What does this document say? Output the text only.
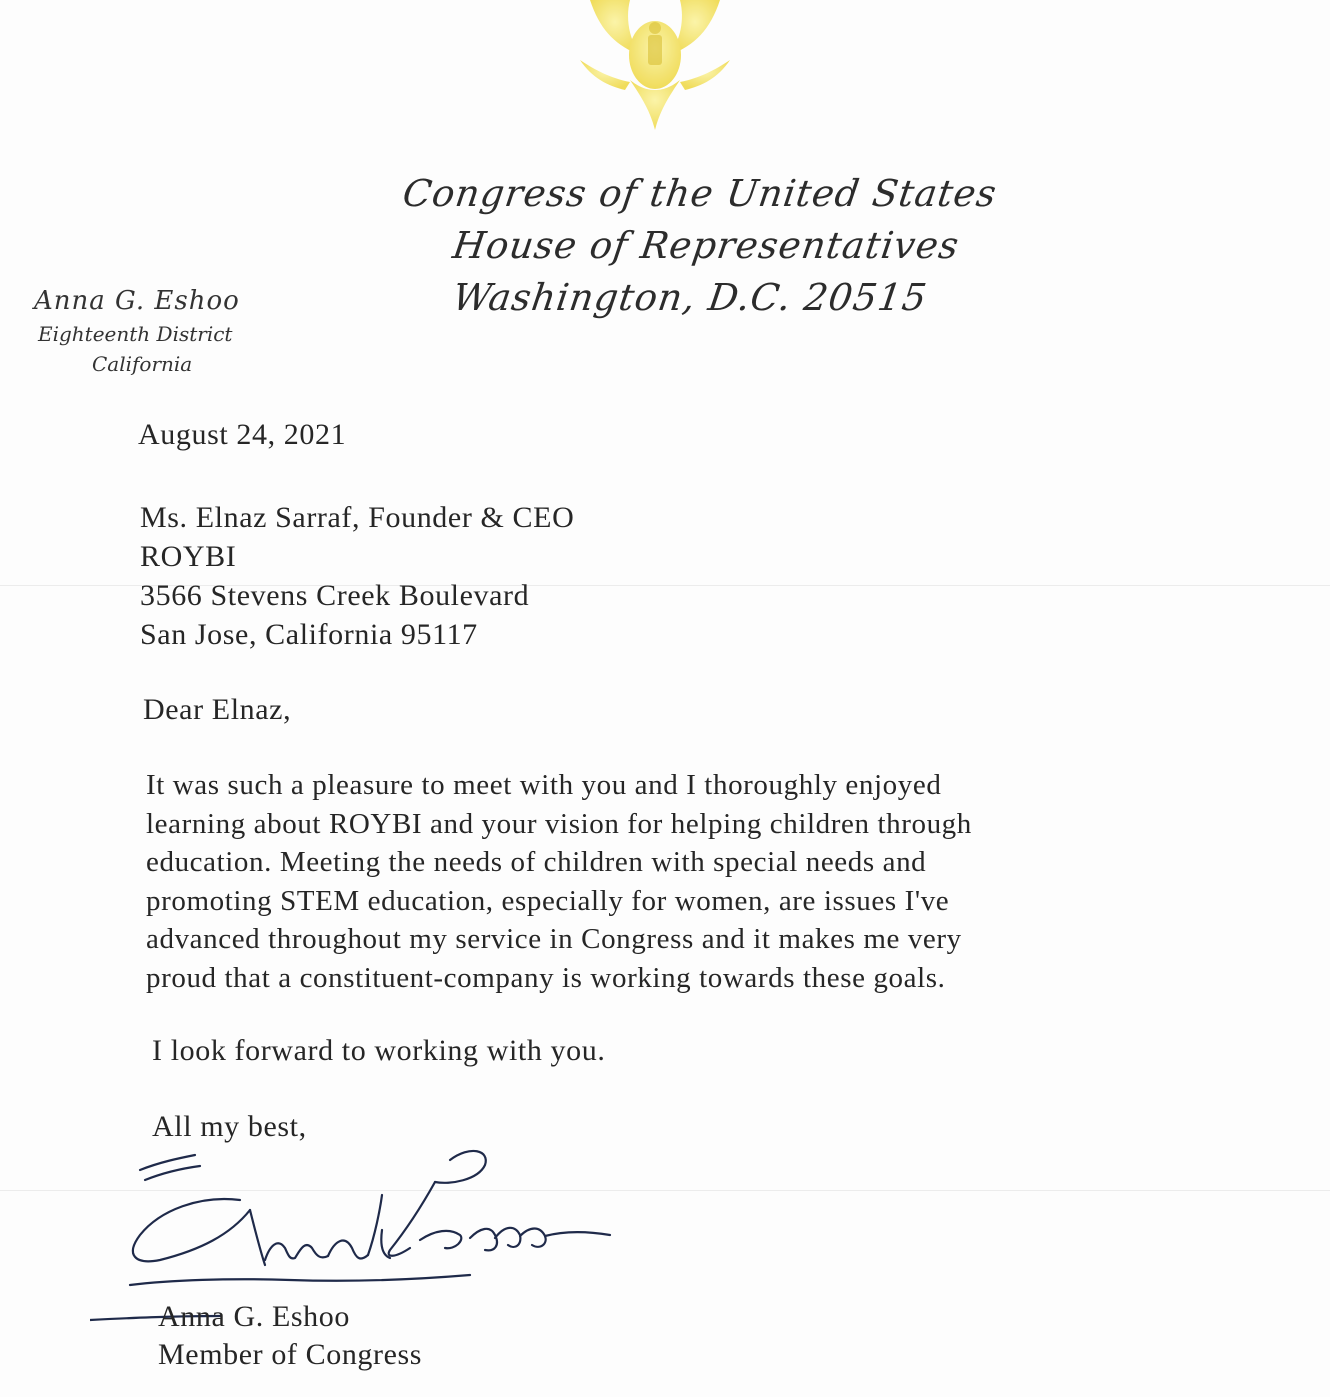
Congress of the United States
House of Representatives
Washington, D.C. 20515
Anna G. Eshoo
Eighteenth District
California
August 24, 2021
Ms. Elnaz Sarraf, Founder & CEO
ROYBI
3566 Stevens Creek Boulevard
San Jose, California 95117
Dear Elnaz,
It was such a pleasure to meet with you and I thoroughly enjoyed
learning about ROYBI and your vision for helping children through
education. Meeting the needs of children with special needs and
promoting STEM education, especially for women, are issues I've
advanced throughout my service in Congress and it makes me very
proud that a constituent-company is working towards these goals.
I look forward to working with you.
All my best,
Anna G. Eshoo
Member of Congress
